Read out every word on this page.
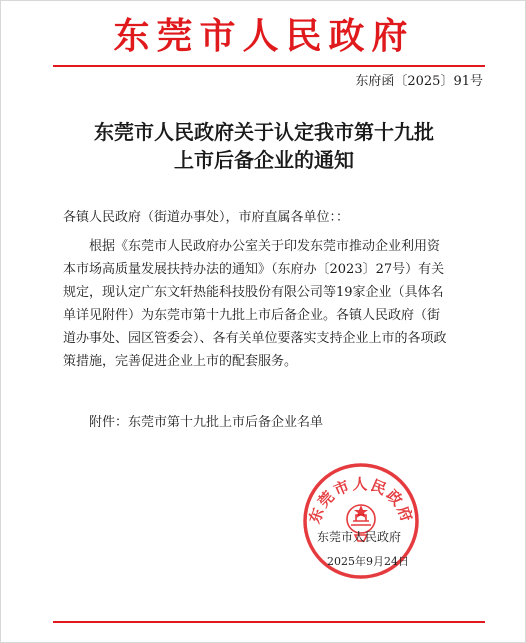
东莞市人民政府
东府函〔2025〕91号
东莞市人民政府关于认定我市第十九批
上市后备企业的通知
各镇人民政府（街道办事处），市府直属各单位：：
根据《东莞市人民政府办公室关于印发东莞市推动企业利用资
本市场高质量发展扶持办法的通知》（东府办〔2023〕27号）有关
规定，现认定广东文轩热能科技股份有限公司等19家企业（具体名
单详见附件）为东莞市第十九批上市后备企业。各镇人民政府（街
道办事处、园区管委会）、各有关单位要落实支持企业上市的各项政
策措施，完善促进企业上市的配套服务。
附件：东莞市第十九批上市后备企业名单
东莞市人民政府
东莞市人民政府
2025年9月24日
